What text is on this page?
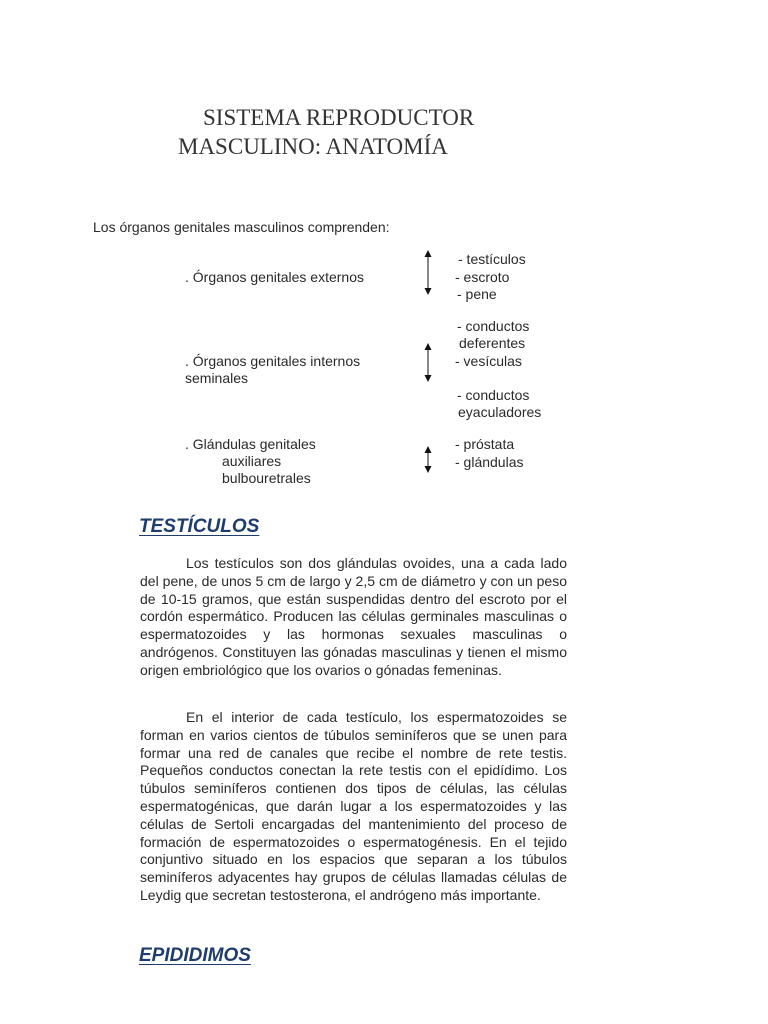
SISTEMA REPRODUCTOR
MASCULINO: ANATOMÍA
Los órganos genitales masculinos comprenden:
. Órganos genitales externos
- testículos
- escroto
- pene
. Órganos genitales internos
seminales
- conductos
deferentes
- vesículas
- conductos
eyaculadores
. Glándulas genitales
auxiliares
bulbouretrales
- próstata
- glándulas
TESTÍCULOS

Los testículos son dos glándulas ovoides, una a cada lado del pene, de unos 5 cm de largo y 2,5 cm de diámetro y con un peso de 10-15 gramos, que están suspendidas dentro del escroto por el cordón espermático. Producen las células germinales masculinas o espermatozoides y las hormonas sexuales masculinas o andrógenos. Constituyen las gónadas masculinas y tienen el mismo origen embriológico que los ovarios o gónadas femeninas.

En el interior de cada testículo, los espermatozoides se forman en varios cientos de túbulos seminíferos que se unen para formar una red de canales que recibe el nombre de rete testis. Pequeños conductos conectan la rete testis con el epidídimo. Los túbulos seminíferos contienen dos tipos de células, las células espermatogénicas, que darán lugar a los espermatozoides y las células de Sertoli encargadas del mantenimiento del proceso de formación de espermatozoides o espermatogénesis. En el tejido conjuntivo situado en los espacios que separan a los túbulos seminíferos adyacentes hay grupos de células llamadas células de Leydig que secretan testosterona, el andrógeno más importante.

EPIDIDIMOS
